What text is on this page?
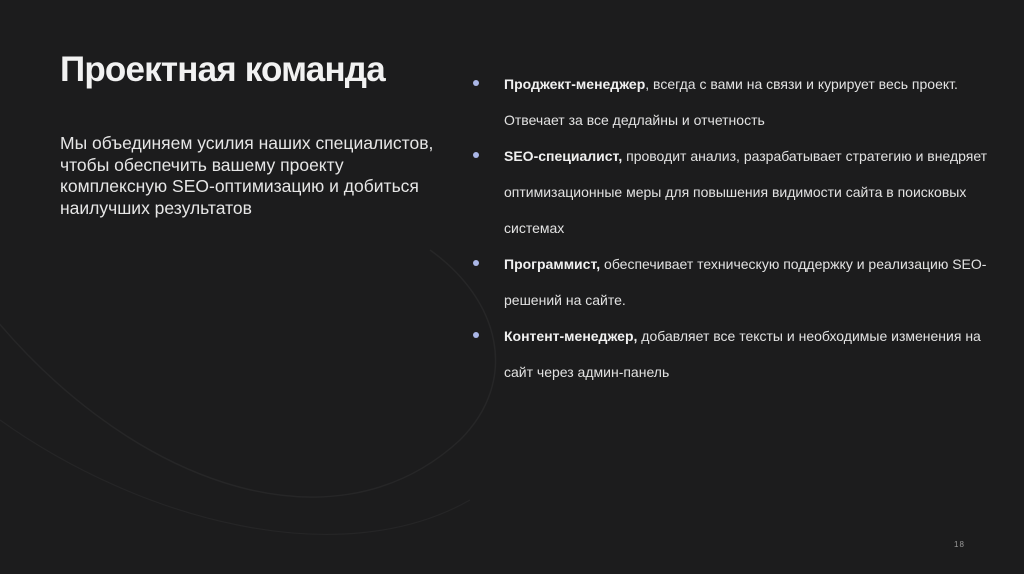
Проектная команда

Мы объединяем усилия наших специалистов, чтобы обеспечить вашему проекту комплексную SEO-оптимизацию и добиться наилучших результатов

Проджект-менеджер, всегда с вами на связи и курирует весь проект. Отвечает за все дедлайны и отчетность
SEO-специалист, проводит анализ, разрабатывает стратегию и внедряет оптимизационные меры для повышения видимости сайта в поисковых системах
Программист, обеспечивает техническую поддержку и реализацию SEO-решений на сайте.
Контент-менеджер, добавляет все тексты и необходимые изменения на сайт через админ-панель
18
